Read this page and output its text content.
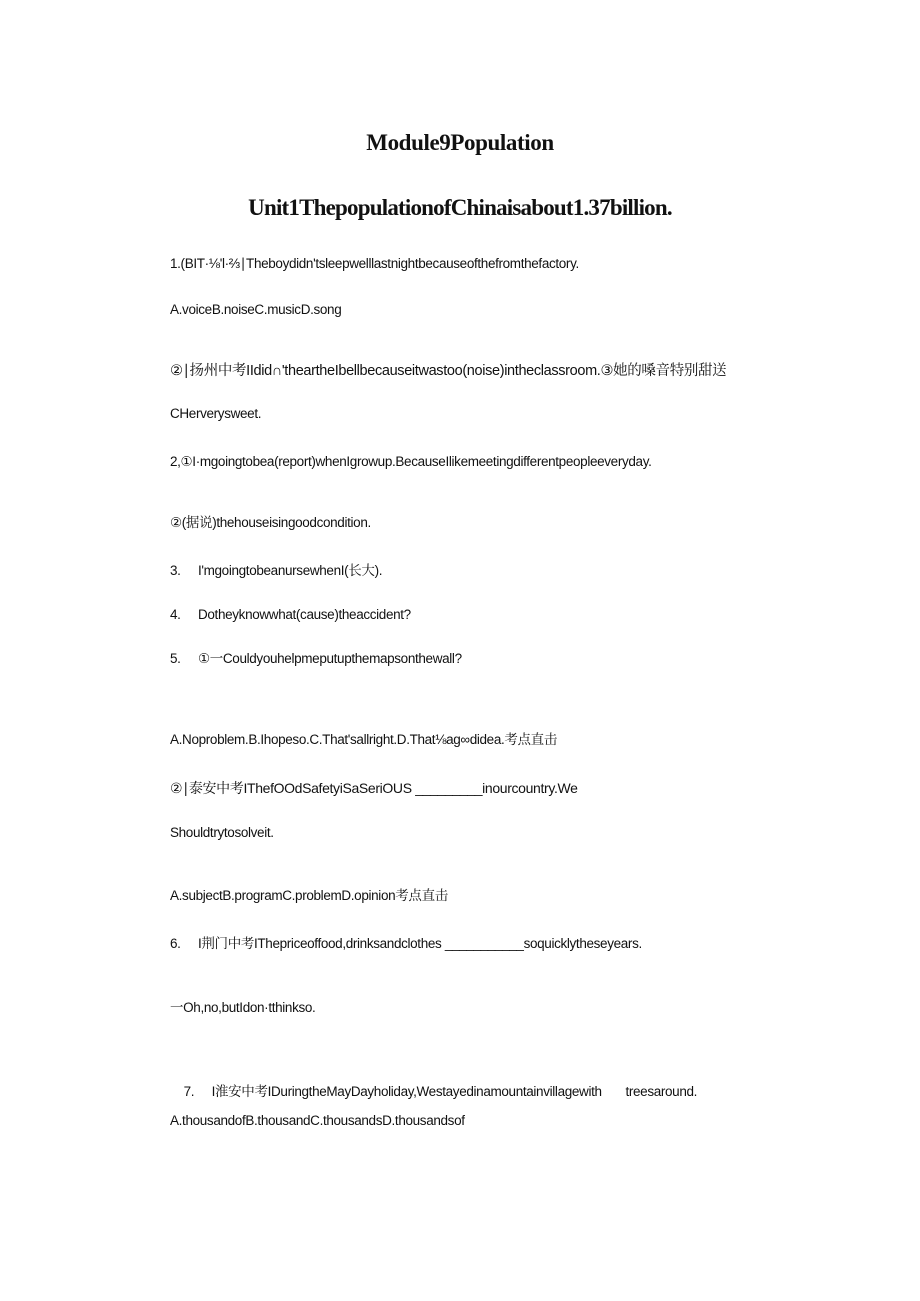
Module9Population
Unit1ThepopulationofChinaisabout1.37billion.
1.(BIT·⅛'l·⅔∣Theboydidn'tsleepwelllastnightbecauseofthefromthefactory.
A.voiceB.noiseC.musicD.song
②∣扬州中考IIdid∩'theartheIbellbecauseitwastoo(noise)intheclassroom.③她的嗓音特别甜送
CHerverysweet.
2,①I·mgoingtobea(report)whenIgrowup.BecauseIlikemeetingdifferentpeopleeveryday.
②(据说)thehouseisingoodcondition.
3. I'mgoingtobeanursewhenI(长大).
4. Dotheyknowwhat(cause)theaccident?
5. ①一Couldyouhelpmeputupthemapsonthewall?
A.Noproblem.B.Ihopeso.C.That'sallright.D.That⅛ag∞didea.考点直击
②∣泰安中考IThefOOdSafetyiSaSeriOUS _________inourcountry.We
Shouldtrytosolveit.
A.subjectB.programC.problemD.opinion考点直击
6. I荆门中考IThepriceoffood,drinksandclothes ___________soquicklytheseyears.
一Oh,no,butIdon·tthinkso.

7. I淮安中考IDuringtheMayDayholiday,Westayedinamountainvillagewith       treesaround.

A.thousandofB.thousandC.thousandsD.thousandsof
